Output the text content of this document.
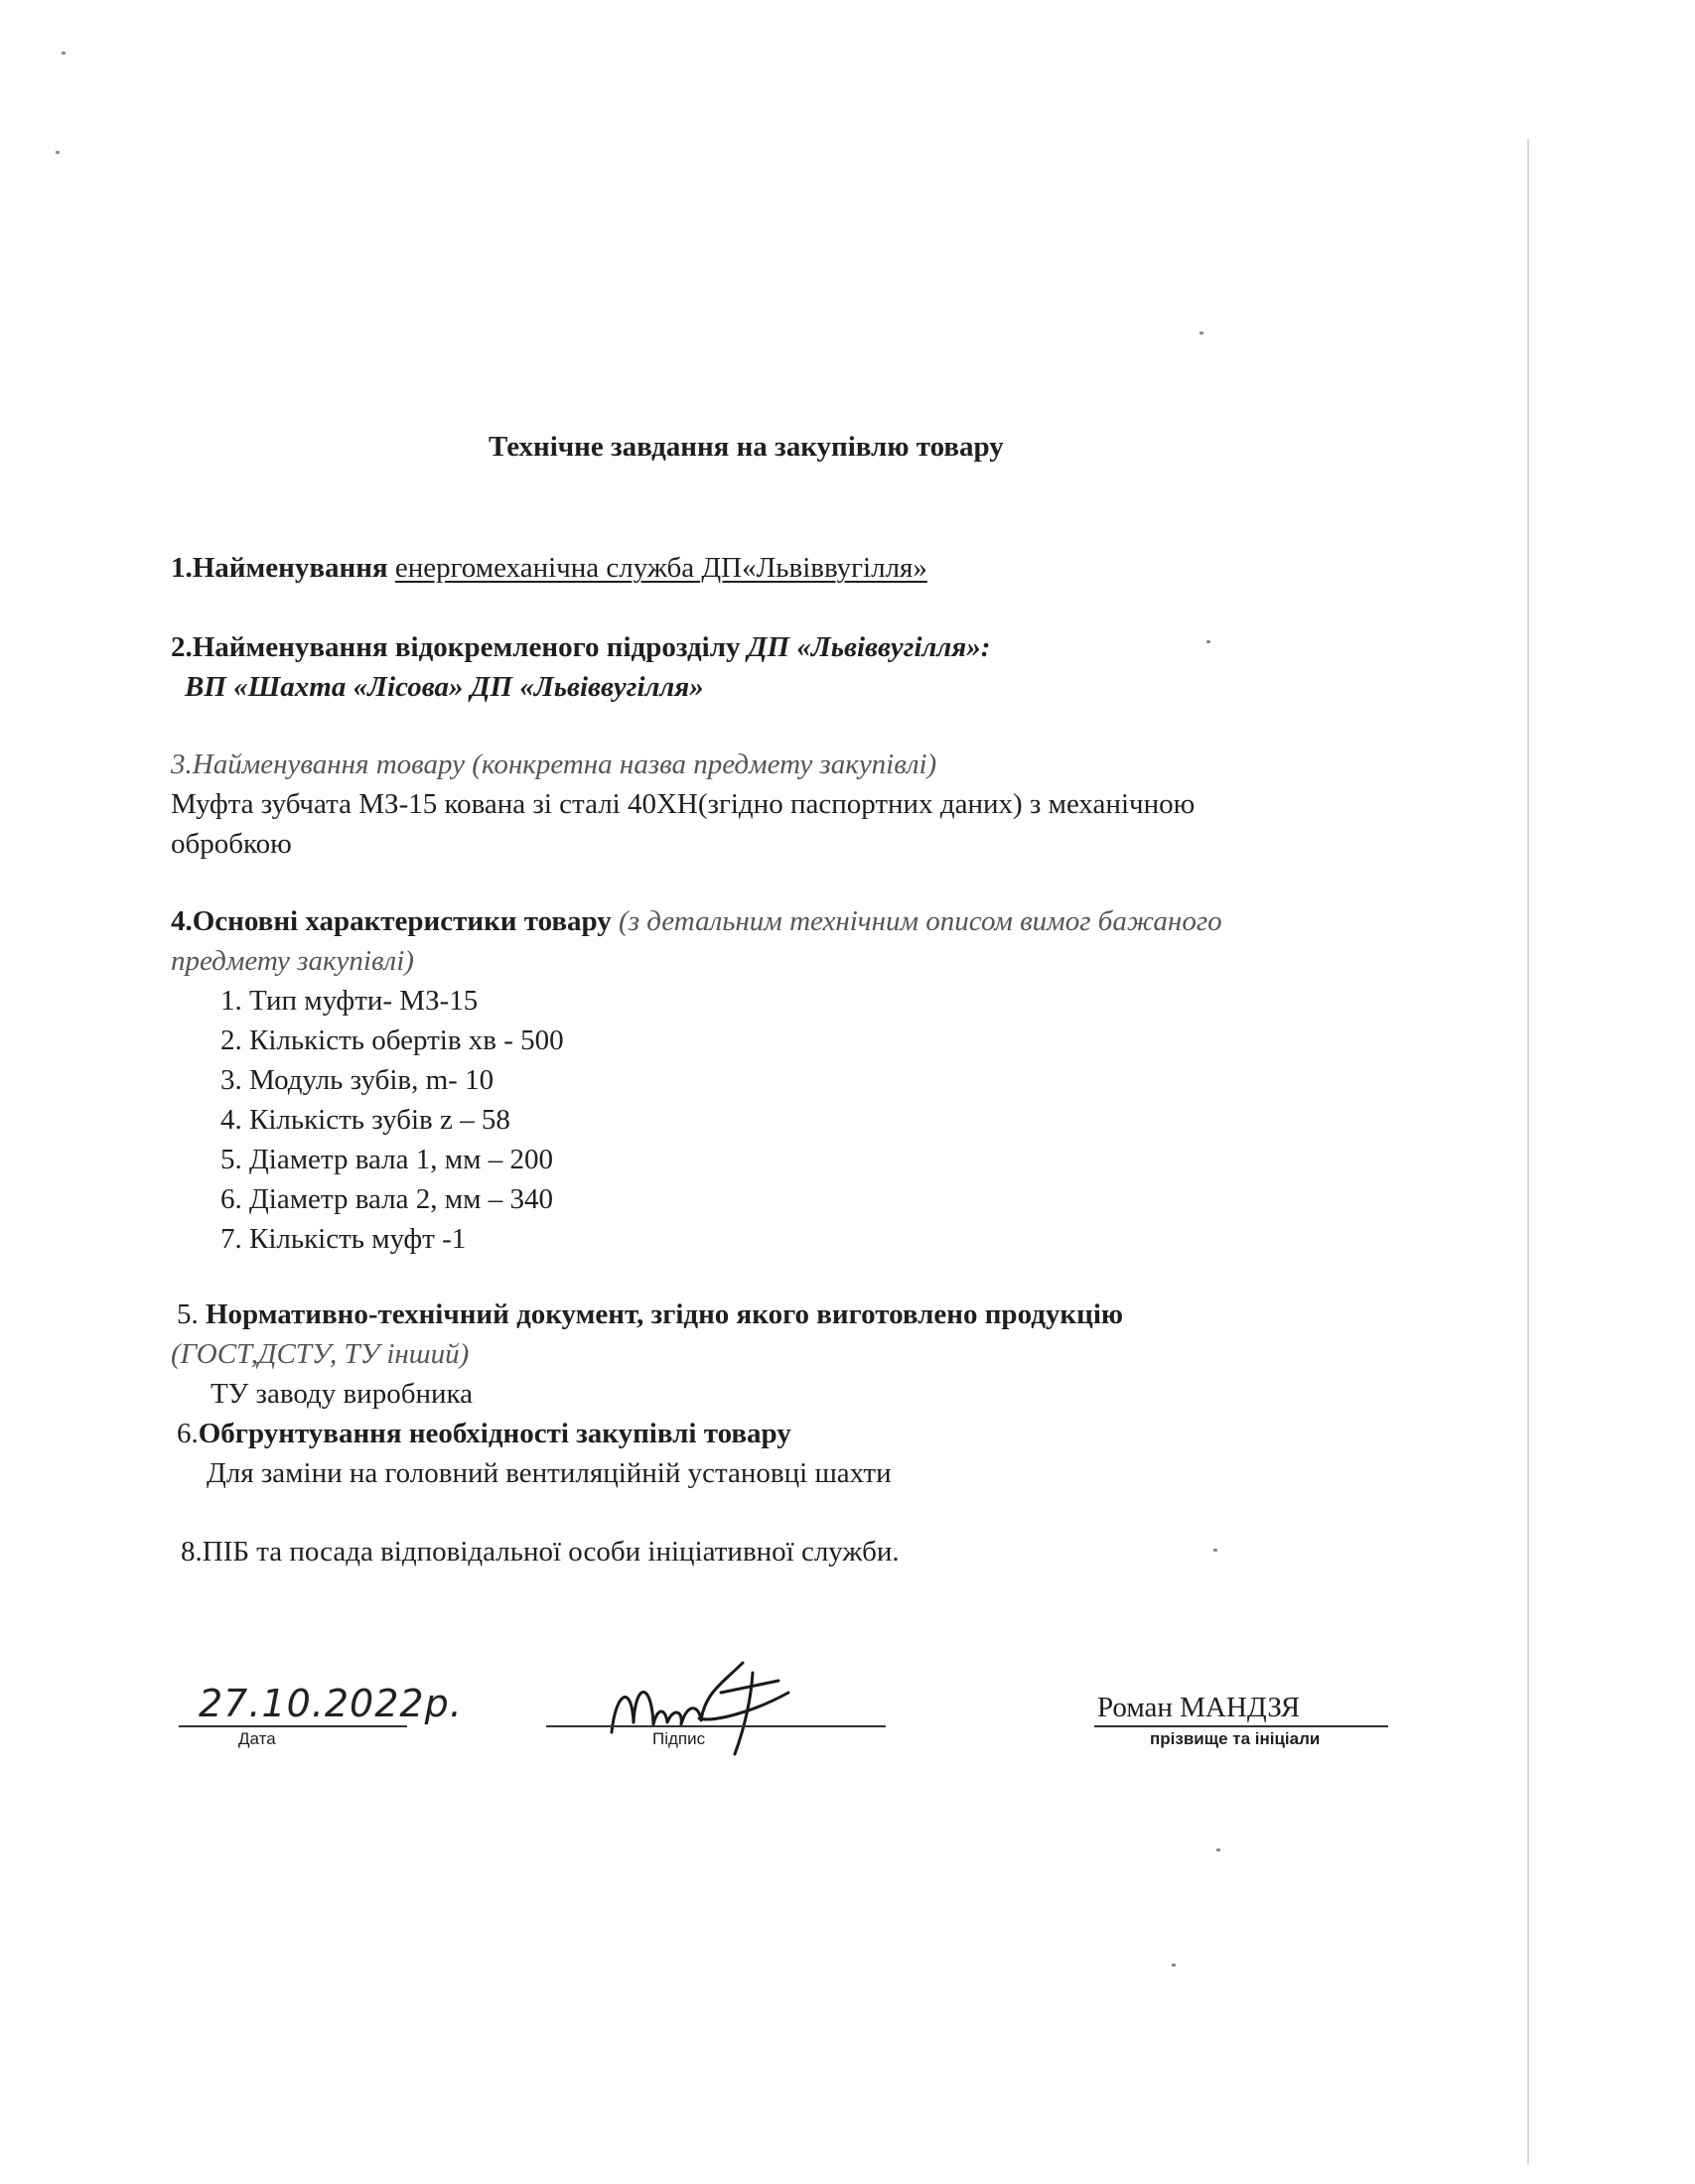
Технічне завдання на закупівлю товару
1.Найменування енергомеханічна служба ДП«Львіввугілля»
2.Найменування відокремленого підрозділу ДП «Львіввугілля»:
ВП «Шахта «Лісова» ДП «Львіввугілля»
3.Найменування товару (конкретна назва предмету закупівлі)
Муфта зубчата МЗ-15 кована зі сталі 40ХН(згідно паспортних даних) з механічною
обробкою
4.Основні характеристики товару (з детальним технічним описом вимог бажаного
предмету закупівлі)
1. Тип муфти- МЗ-15
2. Кількість обертів хв - 500
3. Модуль зубів, m- 10
4. Кількість зубів z – 58
5. Діаметр вала 1, мм – 200
6. Діаметр вала 2, мм – 340
7. Кількість муфт -1
5. Нормативно-технічний документ, згідно якого виготовлено продукцію
(ГОСТ,ДСТУ, ТУ інший)
ТУ заводу виробника
6.Обгрунтування необхідності закупівлі товару
Для заміни на головний вентиляційній установці шахти
8.ПІБ та посада відповідальної особи ініціативної служби.
27.10.2022р.
Дата	Підпис
Роман МАНДЗЯ
прізвище та ініціали
